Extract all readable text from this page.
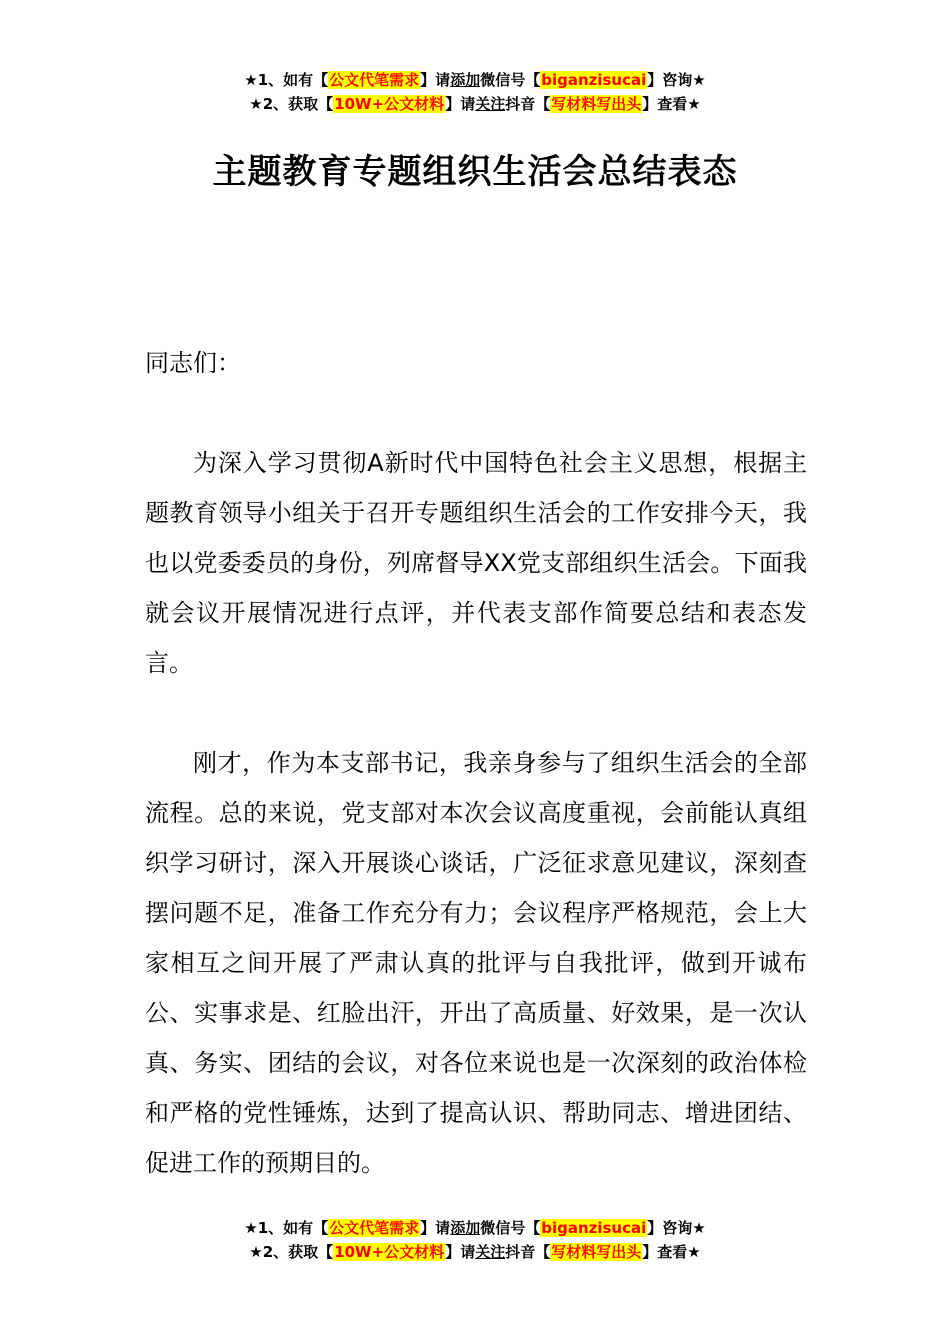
★1、如有【公文代笔需求】请添加微信号【biganzisucai】咨询★
★2、获取【10W+公文材料】请关注抖音【写材料写出头】查看★
主题教育专题组织生活会总结表态

同志们：

为深入学习贯彻A新时代中国特色社会主义思想，根据主题教育领导小组关于召开专题组织生活会的工作安排今天，我也以党委委员的身份，列席督导XX党支部组织生活会。下面我就会议开展情况进行点评，并代表支部作简要总结和表态发言。

刚才，作为本支部书记，我亲身参与了组织生活会的全部流程。总的来说，党支部对本次会议高度重视，会前能认真组织学习研讨，深入开展谈心谈话，广泛征求意见建议，深刻查摆问题不足，准备工作充分有力；会议程序严格规范，会上大家相互之间开展了严肃认真的批评与自我批评，做到开诚布公、实事求是、红脸出汗，开出了高质量、好效果，是一次认真、务实、团结的会议，对各位来说也是一次深刻的政治体检和严格的党性锤炼，达到了提高认识、帮助同志、增进团结、促进工作的预期目的。

★1、如有【公文代笔需求】请添加微信号【biganzisucai】咨询★
★2、获取【10W+公文材料】请关注抖音【写材料写出头】查看★
